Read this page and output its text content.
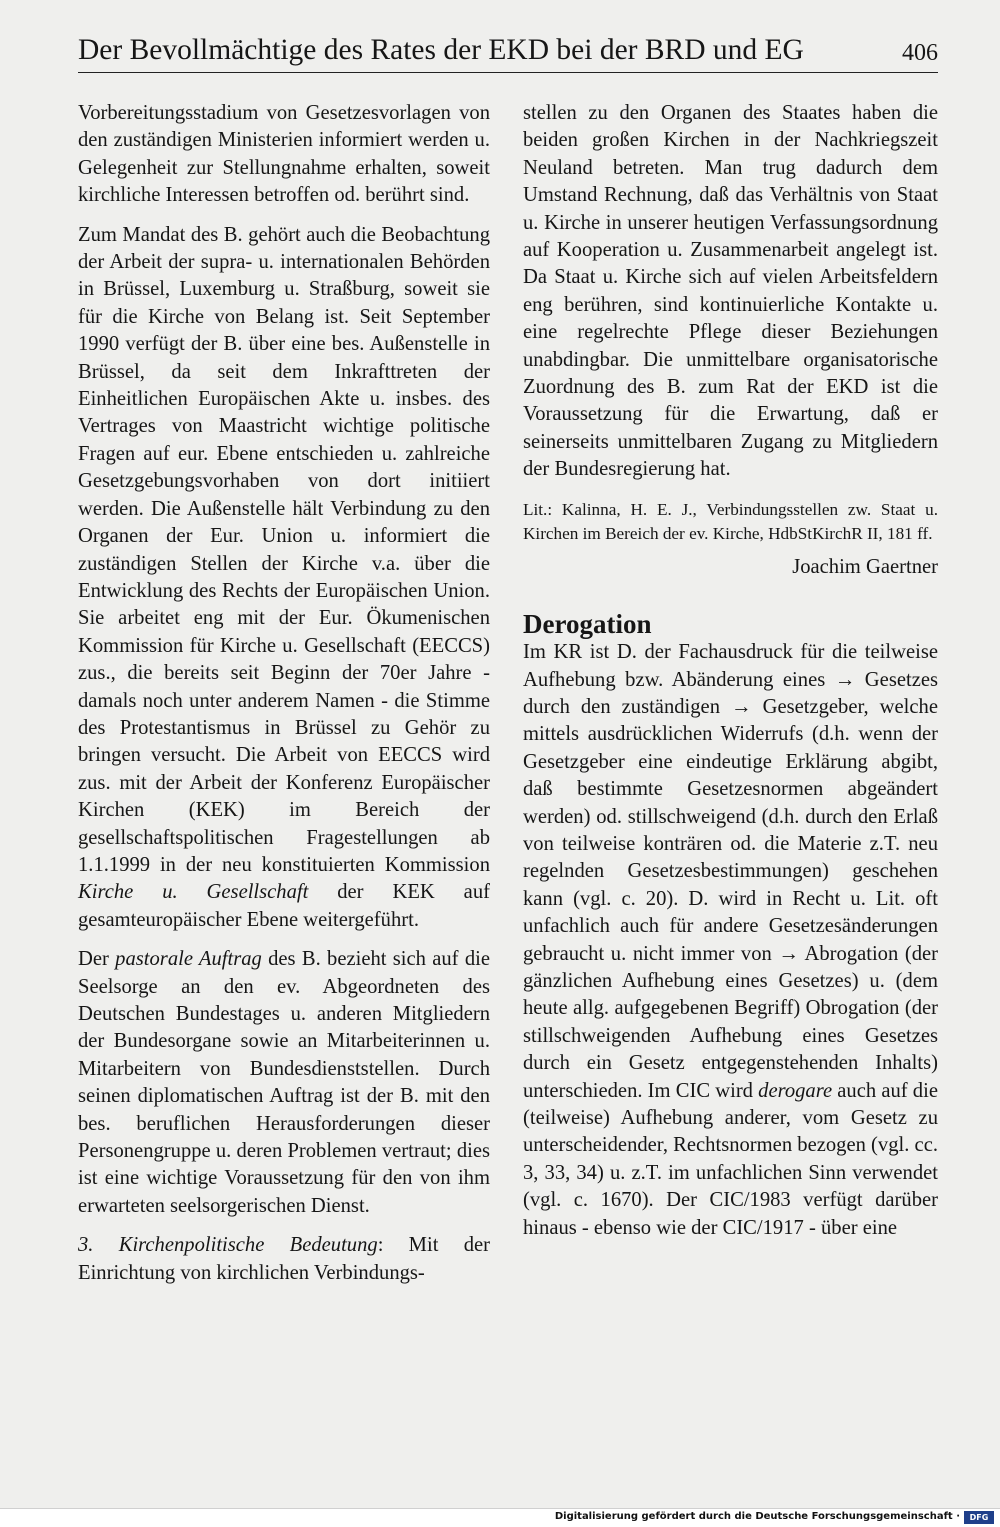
Der Bevollmächtige des Rates der EKD bei der BRD und EG	406

Vorbereitungsstadium von Gesetzesvorlagen von den zuständigen Ministerien informiert werden u. Gelegenheit zur Stellungnahme erhalten, soweit kirchliche Interessen betroffen od. berührt sind.

Zum Mandat des B. gehört auch die Beobachtung der Arbeit der supra- u. internationalen Behörden in Brüssel, Luxemburg u. Straßburg, soweit sie für die Kirche von Belang ist. Seit September 1990 verfügt der B. über eine bes. Außenstelle in Brüssel, da seit dem Inkrafttreten der Einheitlichen Europäischen Akte u. insbes. des Vertrages von Maastricht wichtige politische Fragen auf eur. Ebene entschieden u. zahlreiche Gesetzgebungsvorhaben von dort initiiert werden. Die Außenstelle hält Verbindung zu den Organen der Eur. Union u. informiert die zuständigen Stellen der Kirche v.a. über die Entwicklung des Rechts der Europäischen Union. Sie arbeitet eng mit der Eur. Ökumenischen Kommission für Kirche u. Gesellschaft (EECCS) zus., die bereits seit Beginn der 70er Jahre - damals noch unter anderem Namen - die Stimme des Protestantismus in Brüssel zu Gehör zu bringen versucht. Die Arbeit von EECCS wird zus. mit der Arbeit der Konferenz Europäischer Kirchen (KEK) im Bereich der gesellschaftspolitischen Fragestellungen ab 1.1.1999 in der neu konstituierten Kommission Kirche u. Gesellschaft der KEK auf gesamteuropäischer Ebene weitergeführt.

Der pastorale Auftrag des B. bezieht sich auf die Seelsorge an den ev. Abgeordneten des Deutschen Bundestages u. anderen Mitgliedern der Bundesorgane sowie an Mitarbeiterinnen u. Mitarbeitern von Bundesdienststellen. Durch seinen diplomatischen Auftrag ist der B. mit den bes. beruflichen Herausforderungen dieser Personengruppe u. deren Problemen vertraut; dies ist eine wichtige Voraussetzung für den von ihm erwarteten seelsorgerischen Dienst.

3. Kirchenpolitische Bedeutung: Mit der Einrichtung von kirchlichen Verbindungs-

stellen zu den Organen des Staates haben die beiden großen Kirchen in der Nachkriegszeit Neuland betreten. Man trug dadurch dem Umstand Rechnung, daß das Verhältnis von Staat u. Kirche in unserer heutigen Verfassungsordnung auf Kooperation u. Zusammenarbeit angelegt ist. Da Staat u. Kirche sich auf vielen Arbeitsfeldern eng berühren, sind kontinuierliche Kontakte u. eine regelrechte Pflege dieser Beziehungen unabdingbar. Die unmittelbare organisatorische Zuordnung des B. zum Rat der EKD ist die Voraussetzung für die Erwartung, daß er seinerseits unmittelbaren Zugang zu Mitgliedern der Bundesregierung hat.

Lit.: Kalinna, H. E. J., Verbindungsstellen zw. Staat u. Kirchen im Bereich der ev. Kirche, HdbStKirchR II, 181 ff.

Joachim Gaertner

Derogation

Im KR ist D. der Fachausdruck für die teilweise Aufhebung bzw. Abänderung eines → Gesetzes durch den zuständigen → Gesetzgeber, welche mittels ausdrücklichen Widerrufs (d.h. wenn der Gesetzgeber eine eindeutige Erklärung abgibt, daß bestimmte Gesetzesnormen abgeändert werden) od. stillschweigend (d.h. durch den Erlaß von teilweise konträren od. die Materie z.T. neu regelnden Gesetzesbestimmungen) geschehen kann (vgl. c. 20). D. wird in Recht u. Lit. oft unfachlich auch für andere Gesetzesänderungen gebraucht u. nicht immer von → Abrogation (der gänzlichen Aufhebung eines Gesetzes) u. (dem heute allg. aufgegebenen Begriff) Obrogation (der stillschweigenden Aufhebung eines Gesetzes durch ein Gesetz entgegenstehenden Inhalts) unterschieden. Im CIC wird derogare auch auf die (teilweise) Aufhebung anderer, vom Gesetz zu unterscheidender, Rechtsnormen bezogen (vgl. cc. 3, 33, 34) u. z.T. im unfachlichen Sinn verwendet (vgl. c. 1670). Der CIC/1983 verfügt darüber hinaus - ebenso wie der CIC/1917 - über eine

Digitalisierung gefördert durch die Deutsche Forschungsgemeinschaft ·	DFG
